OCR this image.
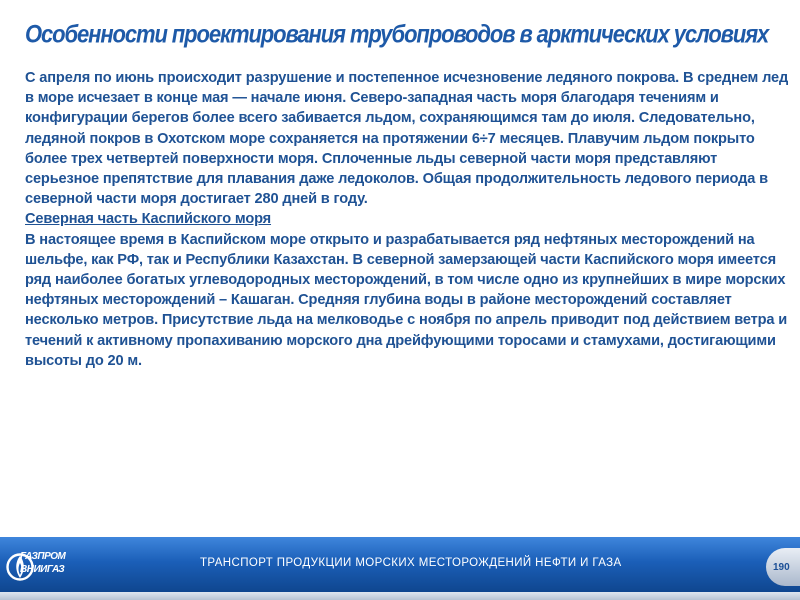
Особенности проектирования трубопроводов в арктических условиях

С апреля по июнь происходит разрушение и постепенное исчезновение ледяного покрова. В среднем лед в море исчезает в конце мая — начале июня. Северо-западная часть моря благодаря течениям и конфигурации берегов более всего забивается льдом, сохраняющимся там до июля. Следовательно, ледяной покров в Охотском море сохраняется на протяжении 6÷7 месяцев. Плавучим льдом покрыто более трех четвертей поверхности моря. Сплоченные льды северной части моря представляют серьезное препятствие для плавания даже ледоколов. Общая продолжительность ледового периода в северной части моря достигает 280 дней в году.

Северная часть Каспийского моря

В настоящее время в Каспийском море открыто и разрабатывается ряд нефтяных месторождений на шельфе, как РФ, так и Республики Казахстан. В северной замерзающей части Каспийского моря имеется ряд наиболее богатых углеводородных месторождений, в том числе одно из крупнейших в мире морских нефтяных месторождений – Кашаган. Средняя глубина воды в районе месторождений составляет несколько метров. Присутствие льда на мелководье с ноября по апрель приводит под действием ветра и течений к активному пропахиванию морского дна дрейфующими торосами и стамухами, достигающими высоты до 20 м.

ГАЗПРОМ
ВНИИГАЗ
ТРАНСПОРТ ПРОДУКЦИИ МОРСКИХ МЕСТОРОЖДЕНИЙ НЕФТИ И ГАЗА	190
